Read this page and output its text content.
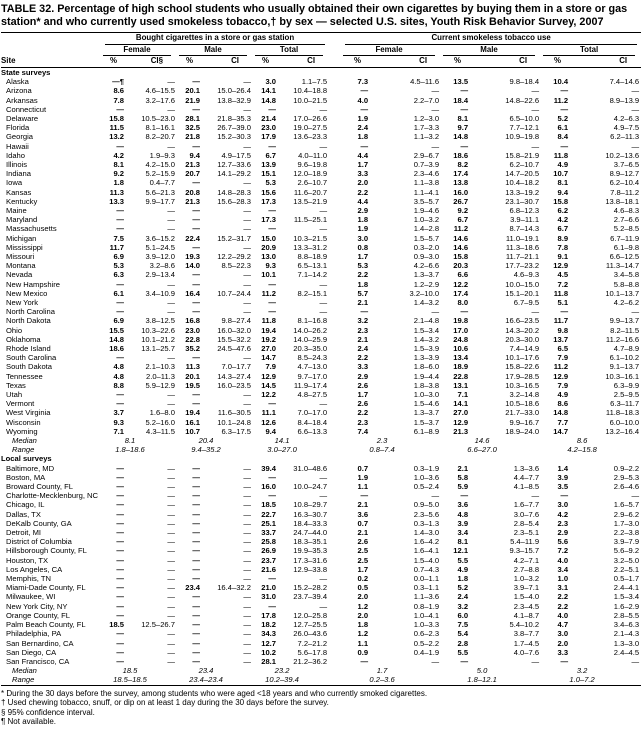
TABLE 32. Percentage of high school students who usually obtained their own cigarettes by buying them in a store or gas station* and who currently used smokeless tobacco,† by sex — selected U.S. sites, Youth Risk Behavior Survey, 2007

	Bought cigarettes in a store or gas station							Current smokeless tobacco use					

	Female		Male		Total			Female		Male		Total	

Site	%	CI§	%	CI	%	CI		%	CI	%	CI	%	CI
State surveys													
Alaska	—¶	—	—	—	3.0	1.1–7.5		7.3	4.5–11.6	13.5	9.8–18.4	10.4	7.4–14.6
Arizona	8.6	4.6–15.5	20.1	15.0–26.4	14.1	10.4–18.8		—	—	—	—	—	—
Arkansas	7.8	3.2–17.6	21.9	13.8–32.9	14.8	10.0–21.5		4.0	2.2–7.0	18.4	14.8–22.6	11.2	8.9–13.9
Connecticut	—	—	—	—	—	—		—	—	—	—	—	—
Delaware	15.8	10.5–23.0	28.1	21.8–35.3	21.4	17.0–26.6		1.9	1.2–3.0	8.1	6.5–10.0	5.2	4.2–6.3
Florida	11.5	8.1–16.1	32.5	26.7–39.0	23.0	19.0–27.5		2.4	1.7–3.3	9.7	7.7–12.1	6.1	4.9–7.5
Georgia	13.2	8.2–20.7	21.8	15.2–30.3	17.9	13.6–23.3		1.8	1.1–3.2	14.8	10.9–19.8	8.4	6.2–11.3
Hawaii	—	—	—	—	—	—		—	—	—	—	—	—
Idaho	4.2	1.9–9.3	9.4	4.9–17.5	6.7	4.0–11.0		4.4	2.9–6.7	18.6	15.8–21.9	11.8	10.2–13.6
Illinois	8.1	4.2–15.0	21.3	12.7–33.6	13.9	9.6–19.8		1.7	0.7–3.9	8.2	6.2–10.7	4.9	3.7–6.5
Indiana	9.2	5.2–15.9	20.7	14.1–29.2	15.1	12.0–18.9		3.3	2.3–4.6	17.4	14.7–20.5	10.7	8.9–12.7
Iowa	1.8	0.4–7.7	—	—	5.3	2.6–10.7		2.0	1.1–3.8	13.8	10.4–18.2	8.1	6.2–10.4
Kansas	11.3	5.6–21.3	20.8	14.8–28.3	15.6	11.6–20.7		2.2	1.1–4.1	16.0	13.3–19.2	9.4	7.8–11.2
Kentucky	13.3	9.9–17.7	21.3	15.6–28.3	17.3	13.5–21.9		4.4	3.5–5.7	26.7	23.1–30.7	15.8	13.8–18.1
Maine	—	—	—	—	—	—		2.9	1.9–4.6	9.2	6.8–12.3	6.2	4.6–8.3
Maryland	—	—	—	—	17.3	11.5–25.1		1.8	1.0–3.2	6.7	3.9–11.1	4.2	2.7–6.6
Massachusetts	—	—	—	—	—	—		1.9	1.4–2.8	11.2	8.7–14.3	6.7	5.2–8.5
Michigan	7.5	3.6–15.2	22.4	15.2–31.7	15.0	10.3–21.5		3.0	1.5–5.7	14.6	11.0–19.1	8.9	6.7–11.9
Mississippi	11.7	5.1–24.5	—	—	20.9	13.3–31.2		0.8	0.3–2.0	14.6	11.3–18.6	7.8	6.1–9.8
Missouri	6.9	3.9–12.0	19.3	12.2–29.2	13.0	8.8–18.9		1.7	0.9–3.0	15.8	11.7–21.1	9.1	6.6–12.5
Montana	5.3	3.2–8.6	14.0	8.5–22.3	9.3	6.5–13.1		5.3	4.2–6.6	20.3	17.7–23.2	12.9	11.3–14.7
Nevada	6.3	2.9–13.4	—	—	10.1	7.1–14.2		2.2	1.3–3.7	6.6	4.6–9.3	4.5	3.4–5.8
New Hampshire	—	—	—	—	—	—		1.8	1.2–2.9	12.2	10.0–15.0	7.2	5.8–8.8
New Mexico	6.1	3.4–10.9	16.4	10.7–24.4	11.2	8.2–15.1		5.7	3.2–10.0	17.4	15.1–20.1	11.8	10.1–13.7
New York	—	—	—	—	—	—		2.1	1.4–3.2	8.0	6.7–9.5	5.1	4.2–6.2
North Carolina	—	—	—	—	—	—		—	—	—	—	—	—
North Dakota	6.9	3.8–12.5	16.8	9.8–27.4	11.8	8.1–16.8		3.2	2.1–4.8	19.8	16.6–23.5	11.7	9.9–13.7
Ohio	15.5	10.3–22.6	23.0	16.0–32.0	19.4	14.0–26.2		2.3	1.5–3.4	17.0	14.3–20.2	9.8	8.2–11.5
Oklahoma	14.8	10.1–21.2	22.8	15.5–32.2	19.2	14.0–25.9		2.1	1.4–3.2	24.8	20.3–30.0	13.7	11.2–16.6
Rhode Island	18.6	13.1–25.7	35.2	24.5–47.6	27.0	20.3–35.0		2.4	1.5–3.9	10.6	7.4–14.9	6.5	4.7–8.9
South Carolina	—	—	—	—	14.7	8.5–24.3		2.2	1.3–3.9	13.4	10.1–17.6	7.9	6.1–10.2
South Dakota	4.8	2.1–10.3	11.3	7.0–17.7	7.9	4.7–13.0		3.3	1.8–6.0	18.9	15.8–22.6	11.2	9.1–13.7
Tennessee	4.8	2.0–11.3	20.1	14.3–27.4	12.9	9.7–17.0		2.9	1.9–4.4	22.8	17.9–28.5	12.9	10.3–16.1
Texas	8.8	5.9–12.9	19.5	16.0–23.5	14.5	11.9–17.4		2.6	1.8–3.8	13.1	10.3–16.5	7.9	6.3–9.9
Utah	—	—	—	—	12.2	4.8–27.5		1.7	1.0–3.0	7.1	3.2–14.8	4.9	2.5–9.5
Vermont	—	—	—	—	—	—		2.6	1.5–4.6	14.1	10.5–18.6	8.6	6.3–11.7
West Virginia	3.7	1.6–8.0	19.4	11.6–30.5	11.1	7.0–17.0		2.2	1.3–3.7	27.0	21.7–33.0	14.8	11.8–18.3
Wisconsin	9.3	5.2–16.0	16.1	10.1–24.8	12.6	8.4–18.4		2.3	1.5–3.7	12.9	9.9–16.7	7.7	6.0–10.0
Wyoming	7.1	4.3–11.5	10.7	6.3–17.5	9.4	6.6–13.3		7.4	6.1–8.9	21.3	18.9–24.0	14.7	13.2–16.4
Median	8.1		20.4		14.1			2.3		14.6		8.6	
Range	1.8–18.6		9.4–35.2		3.0–27.0			0.8–7.4		6.6–27.0		4.2–15.8	
Local surveys													
Baltimore, MD	—	—	—	—	39.4	31.0–48.6		0.7	0.3–1.9	2.1	1.3–3.6	1.4	0.9–2.2
Boston, MA	—	—	—	—	—	—		1.9	1.0–3.6	5.8	4.4–7.7	3.9	2.9–5.3
Broward County, FL	—	—	—	—	16.0	10.0–24.7		1.1	0.5–2.4	5.9	4.1–8.5	3.5	2.6–4.6
Charlotte-Mecklenburg, NC	—	—	—	—	—	—		—	—	—	—	—	—
Chicago, IL	—	—	—	—	18.5	10.8–29.7		2.1	0.9–5.0	3.6	1.6–7.7	3.0	1.6–5.7
Dallas, TX	—	—	—	—	22.7	16.3–30.7		3.6	2.3–5.6	4.8	3.0–7.6	4.2	2.9–6.2
DeKalb County, GA	—	—	—	—	25.1	18.4–33.3		0.7	0.3–1.3	3.9	2.8–5.4	2.3	1.7–3.0
Detroit, MI	—	—	—	—	33.7	24.7–44.0		2.1	1.4–3.0	3.4	2.3–5.1	2.9	2.2–3.8
District of Columbia	—	—	—	—	25.8	18.3–35.1		2.6	1.6–4.2	8.1	5.4–11.9	5.6	3.9–7.9
Hillsborough County, FL	—	—	—	—	26.9	19.9–35.3		2.5	1.6–4.1	12.1	9.3–15.7	7.2	5.6–9.2
Houston, TX	—	—	—	—	23.7	17.3–31.6		2.5	1.5–4.0	5.5	4.2–7.1	4.0	3.2–5.0
Los Angeles, CA	—	—	—	—	21.6	12.9–33.8		1.7	0.7–4.3	4.9	2.7–8.8	3.4	2.2–5.1
Memphis, TN	—	—	—	—	—	—		0.2	0.0–1.1	1.8	1.0–3.2	1.0	0.5–1.7
Miami-Dade County, FL	—	—	23.4	16.4–32.2	21.0	15.2–28.2		0.5	0.3–1.1	5.2	3.9–7.1	3.1	2.4–4.1
Milwaukee, WI	—	—	—	—	31.0	23.7–39.4		2.0	1.1–3.6	2.4	1.5–4.0	2.2	1.5–3.4
New York City, NY	—	—	—	—	—	—		1.2	0.8–1.9	3.2	2.3–4.5	2.2	1.6–2.9
Orange County, FL	—	—	—	—	17.8	12.0–25.8		2.0	1.0–4.1	6.0	4.1–8.7	4.0	2.8–5.5
Palm Beach County, FL	18.5	12.5–26.7	—	—	18.2	12.7–25.5		1.8	1.0–3.3	7.5	5.4–10.2	4.7	3.4–6.3
Philadelphia, PA	—	—	—	—	34.3	26.0–43.6		1.2	0.6–2.3	5.4	3.8–7.7	3.0	2.1–4.3
San Bernardino, CA	—	—	—	—	12.7	7.2–21.2		1.1	0.5–2.2	2.8	1.7–4.5	2.0	1.3–3.0
San Diego, CA	—	—	—	—	10.2	5.6–17.8		0.9	0.4–1.9	5.5	4.0–7.6	3.3	2.4–4.5
San Francisco, CA	—	—	—	—	28.1	21.2–36.2		—	—	—	—	—	—
Median	18.5		23.4		23.2			1.7		5.0		3.2	
Range	18.5–18.5		23.4–23.4		10.2–39.4			0.2–3.6		1.8–12.1		1.0–7.2	
* During the 30 days before the survey, among students who were aged <18 years and who currently smoked cigarettes.
† Used chewing tobacco, snuff, or dip on at least 1 day during the 30 days before the survey.
§ 95% confidence interval.
¶ Not available.
